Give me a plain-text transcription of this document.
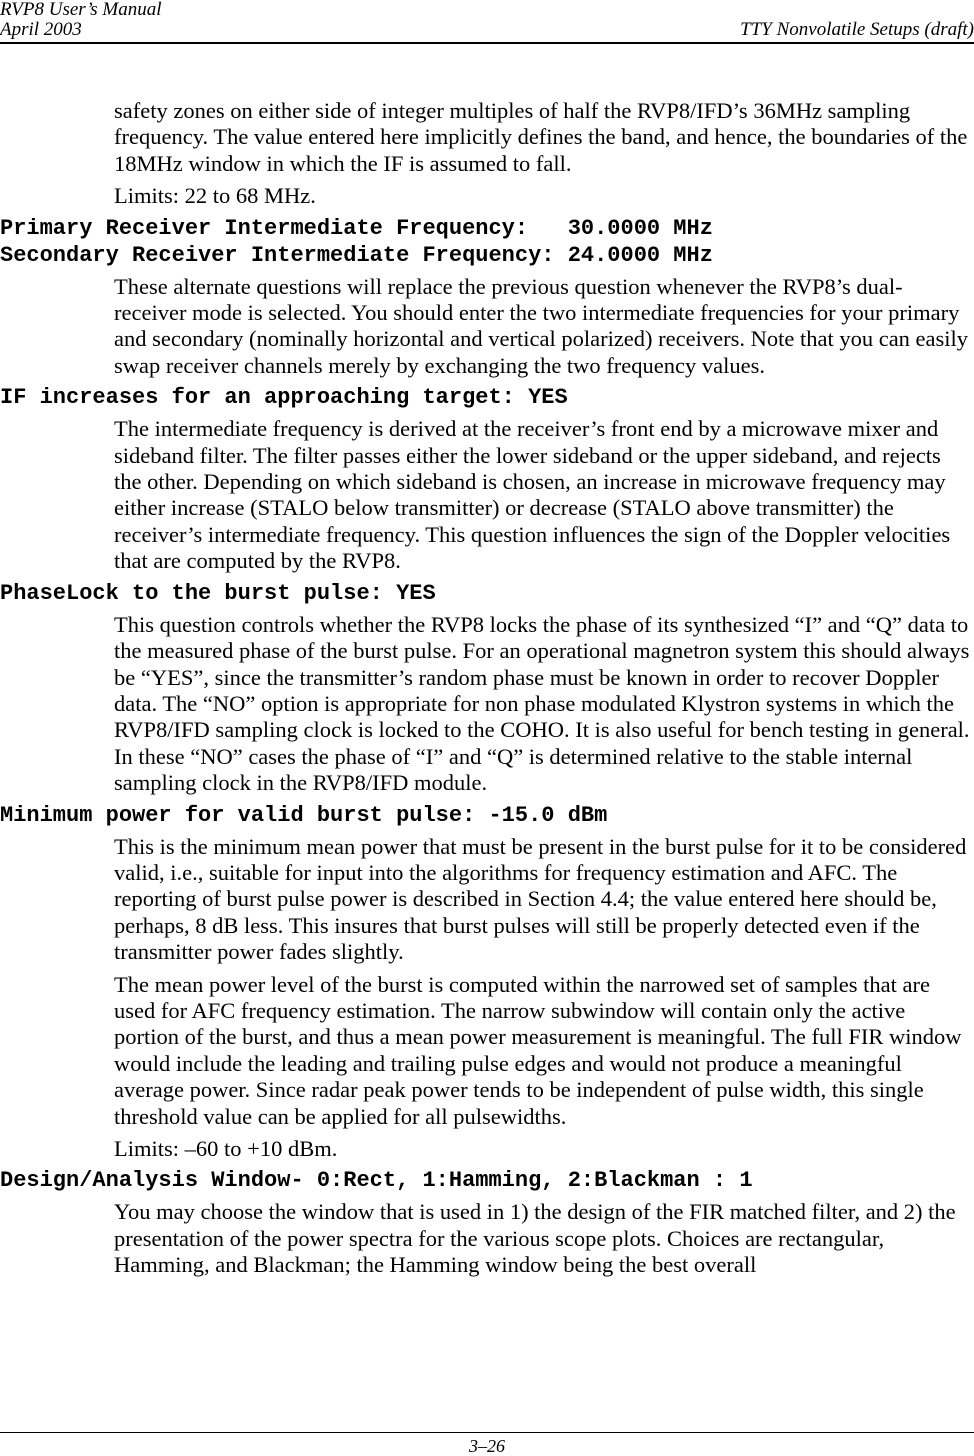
RVP8 User’s Manual
April 2003	TTY Nonvolatile Setups (draft)

safety zones on either side of integer multiples of half the RVP8/IFD’s 36MHz sampling frequency. The value entered here implicitly defines the band, and hence, the boundaries of the 18MHz window in which the IF is assumed to fall.

Limits: 22 to 68 MHz.

Primary Receiver Intermediate Frequency:   30.0000 MHz
Secondary Receiver Intermediate Frequency: 24.0000 MHz

These alternate questions will replace the previous question whenever the RVP8’s dual-receiver mode is selected. You should enter the two intermediate frequencies for your primary and secondary (nominally horizontal and vertical polarized) receivers. Note that you can easily swap receiver channels merely by exchanging the two frequency values.

IF increases for an approaching target: YES

The intermediate frequency is derived at the receiver’s front end by a microwave mixer and sideband filter. The filter passes either the lower sideband or the upper sideband, and rejects the other. Depending on which sideband is chosen, an increase in microwave frequency may either increase (STALO below transmitter) or decrease (STALO above transmitter) the receiver’s intermediate frequency. This question influences the sign of the Doppler velocities that are computed by the RVP8.

PhaseLock to the burst pulse: YES

This question controls whether the RVP8 locks the phase of its synthesized “I” and “Q” data to the measured phase of the burst pulse. For an operational magnetron system this should always be “YES”, since the transmitter’s random phase must be known in order to recover Doppler data. The “NO” option is appropriate for non phase modulated Klystron systems in which the RVP8/IFD sampling clock is locked to the COHO. It is also useful for bench testing in general. In these “NO” cases the phase of “I” and “Q” is determined relative to the stable internal sampling clock in the RVP8/IFD module.

Minimum power for valid burst pulse: -15.0 dBm

This is the minimum mean power that must be present in the burst pulse for it to be considered valid, i.e., suitable for input into the algorithms for frequency estimation and AFC. The reporting of burst pulse power is described in Section 4.4; the value entered here should be, perhaps, 8 dB less. This insures that burst pulses will still be properly detected even if the transmitter power fades slightly.

The mean power level of the burst is computed within the narrowed set of samples that are used for AFC frequency estimation. The narrow subwindow will contain only the active portion of the burst, and thus a mean power measurement is meaningful. The full FIR window would include the leading and trailing pulse edges and would not produce a meaningful average power. Since radar peak power tends to be independent of pulse width, this single threshold value can be applied for all pulsewidths.

Limits: –60 to +10 dBm.

Design/Analysis Window- 0:Rect, 1:Hamming, 2:Blackman : 1

You may choose the window that is used in 1) the design of the FIR matched filter, and 2) the presentation of the power spectra for the various scope plots. Choices are rectangular, Hamming, and Blackman; the Hamming window being the best overall

3–26
